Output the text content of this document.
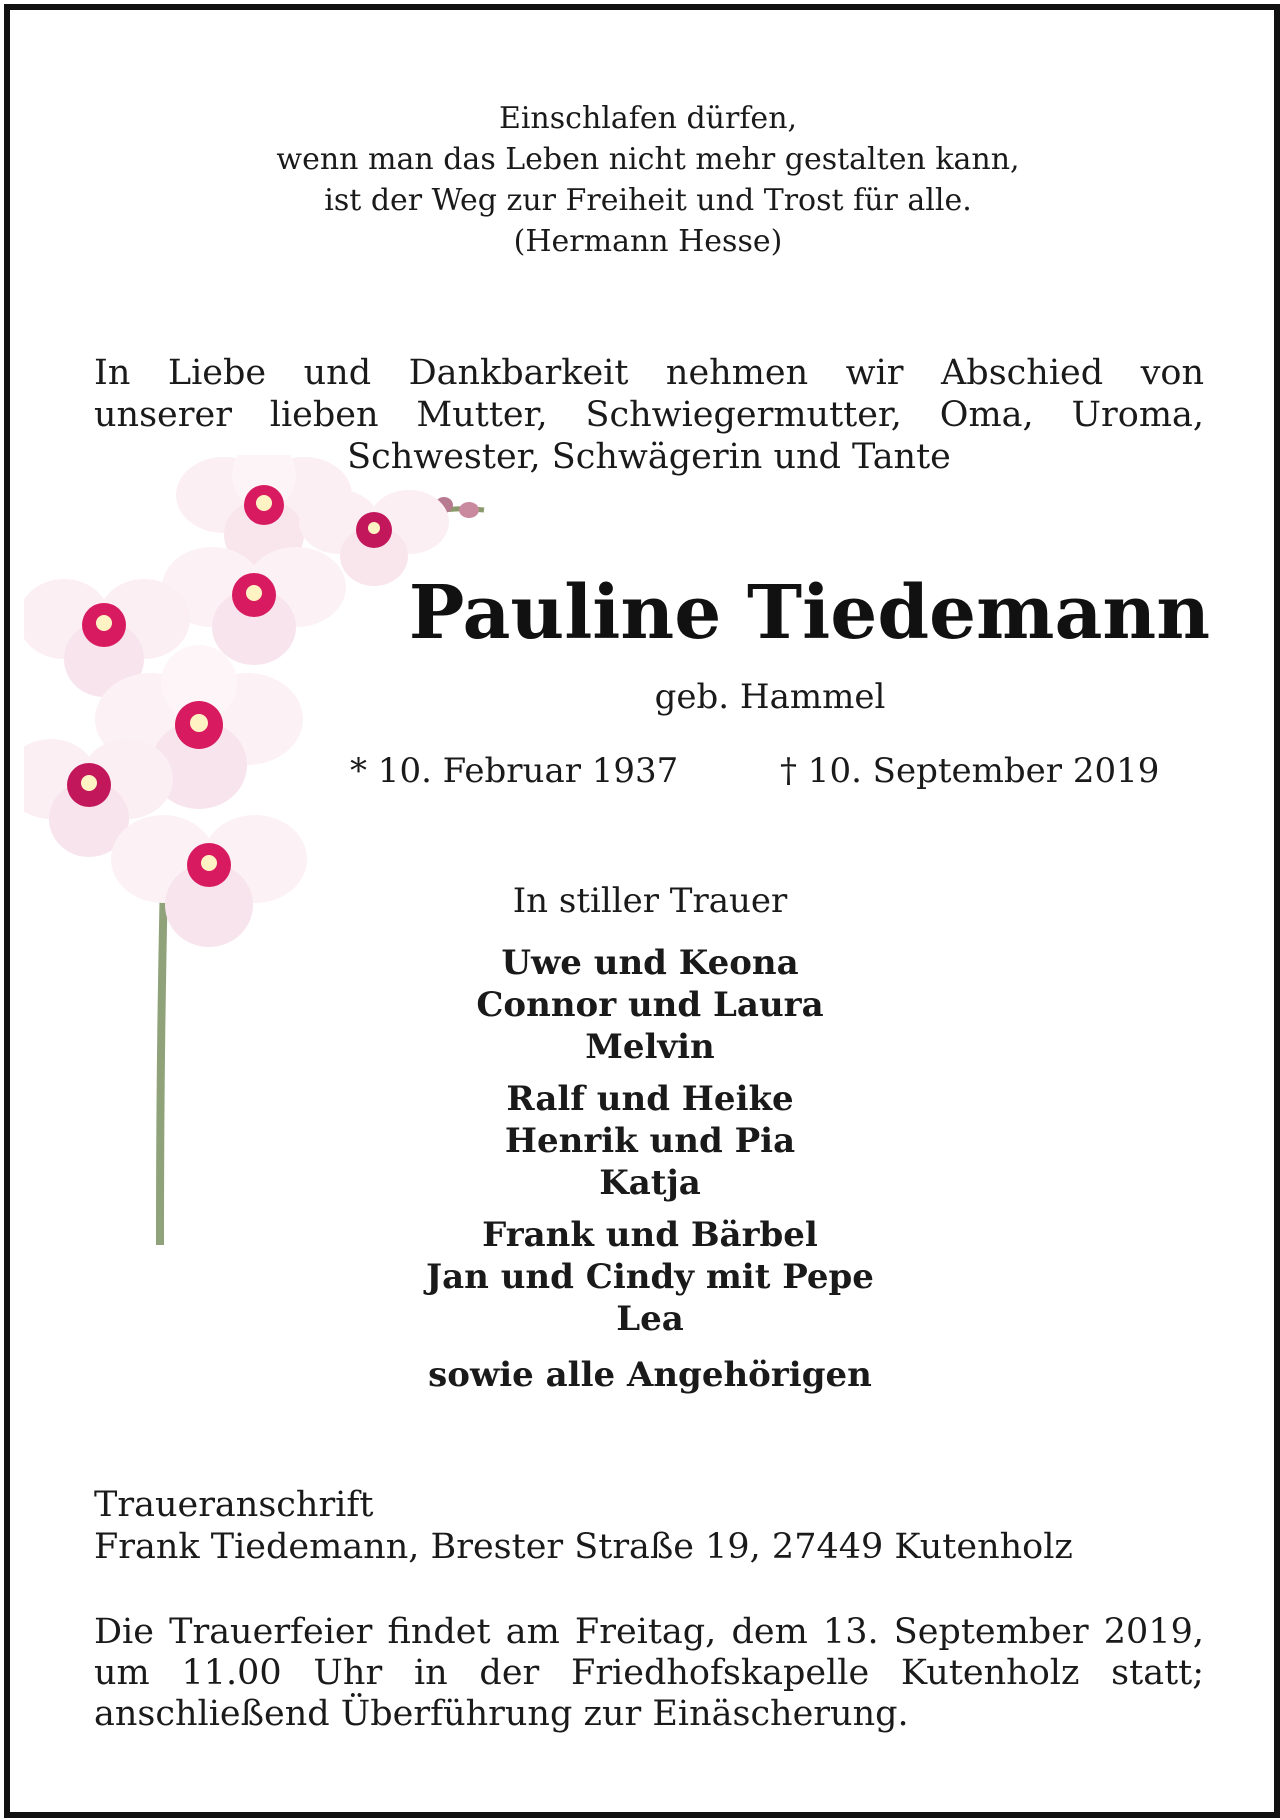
Einschlafen dürfen,
wenn man das Leben nicht mehr gestalten kann,
ist der Weg zur Freiheit und Trost für alle.
(Hermann Hesse)
In Liebe und Dankbarkeit nehmen wir Abschied von
unserer lieben Mutter, Schwiegermutter, Oma, Uroma,
Schwester, Schwägerin und Tante
Pauline Tiedemann
geb. Hammel
* 10. Februar 1937	† 10. September 2019
In stiller Trauer
Uwe und Keona
Connor und Laura
Melvin
Ralf und Heike
Henrik und Pia
Katja
Frank und Bärbel
Jan und Cindy mit Pepe
Lea
sowie alle Angehörigen
Traueranschrift
Frank Tiedemann, Brester Straße 19, 27449 Kutenholz
Die Trauerfeier findet am Freitag, dem 13. September 2019,
um 11.00 Uhr in der Friedhofskapelle Kutenholz statt;
anschließend Überführung zur Einäscherung.
